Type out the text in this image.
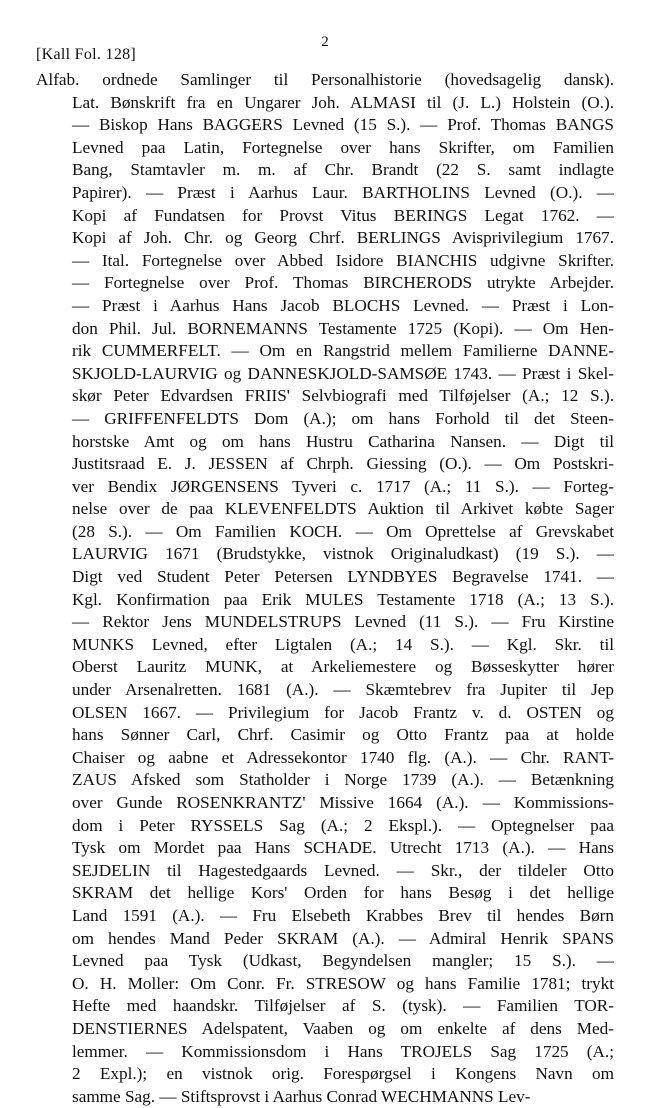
2
[Kall Fol. 128]
Alfab. ordnede Samlinger til Personalhistorie (hovedsagelig dansk).
Lat. Bønskrift fra en Ungarer Joh. ALMASI til (J. L.) Holstein (O.).
— Biskop Hans BAGGERS Levned (15 S.). — Prof. Thomas BANGS
Levned paa Latin, Fortegnelse over hans Skrifter, om Familien
Bang, Stamtavler m. m. af Chr. Brandt (22 S. samt indlagte
Papirer). — Præst i Aarhus Laur. BARTHOLINS Levned (O.). —
Kopi af Fundatsen for Provst Vitus BERINGS Legat 1762. —
Kopi af Joh. Chr. og Georg Chrf. BERLINGS Avisprivilegium 1767.
— Ital. Fortegnelse over Abbed Isidore BIANCHIS udgivne Skrifter.
— Fortegnelse over Prof. Thomas BIRCHERODS utrykte Arbejder.
— Præst i Aarhus Hans Jacob BLOCHS Levned. — Præst i Lon-
don Phil. Jul. BORNEMANNS Testamente 1725 (Kopi). — Om Hen-
rik CUMMERFELT. — Om en Rangstrid mellem Familierne DANNE-
SKJOLD-LAURVIG og DANNESKJOLD-SAMSØE 1743. — Præst i Skel-
skør Peter Edvardsen FRIIS' Selvbiografi med Tilføjelser (A.; 12 S.).
— GRIFFENFELDTS Dom (A.); om hans Forhold til det Steen-
horstske Amt og om hans Hustru Catharina Nansen. — Digt til
Justitsraad E. J. JESSEN af Chrph. Giessing (O.). — Om Postskri-
ver Bendix JØRGENSENS Tyveri c. 1717 (A.; 11 S.). — Forteg-
nelse over de paa KLEVENFELDTS Auktion til Arkivet købte Sager
(28 S.). — Om Familien KOCH. — Om Oprettelse af Grevskabet
LAURVIG 1671 (Brudstykke, vistnok Originaludkast) (19 S.). —
Digt ved Student Peter Petersen LYNDBYES Begravelse 1741. —
Kgl. Konfirmation paa Erik MULES Testamente 1718 (A.; 13 S.).
— Rektor Jens MUNDELSTRUPS Levned (11 S.). — Fru Kirstine
MUNKS Levned, efter Ligtalen (A.; 14 S.). — Kgl. Skr. til
Oberst Lauritz MUNK, at Arkeliemestere og Bøsseskytter hører
under Arsenalretten. 1681 (A.). — Skæmtebrev fra Jupiter til Jep
OLSEN 1667. — Privilegium for Jacob Frantz v. d. OSTEN og
hans Sønner Carl, Chrf. Casimir og Otto Frantz paa at holde
Chaiser og aabne et Adressekontor 1740 flg. (A.). — Chr. RANT-
ZAUS Afsked som Statholder i Norge 1739 (A.). — Betænkning
over Gunde ROSENKRANTZ' Missive 1664 (A.). — Kommissions-
dom i Peter RYSSELS Sag (A.; 2 Ekspl.). — Optegnelser paa
Tysk om Mordet paa Hans SCHADE. Utrecht 1713 (A.). — Hans
SEJDELIN til Hagestedgaards Levned. — Skr., der tildeler Otto
SKRAM det hellige Kors' Orden for hans Besøg i det hellige
Land 1591 (A.). — Fru Elsebeth Krabbes Brev til hendes Børn
om hendes Mand Peder SKRAM (A.). — Admiral Henrik SPANS
Levned paa Tysk (Udkast, Begyndelsen mangler; 15 S.). —
O. H. Moller: Om Conr. Fr. STRESOW og hans Familie 1781; trykt
Hefte med haandskr. Tilføjelser af S. (tysk). — Familien TOR-
DENSTIERNES Adelspatent, Vaaben og om enkelte af dens Med-
lemmer. — Kommissionsdom i Hans TROJELS Sag 1725 (A.;
2 Expl.); en vistnok orig. Forespørgsel i Kongens Navn om
samme Sag. — Stiftsprovst i Aarhus Conrad WECHMANNS Lev-
